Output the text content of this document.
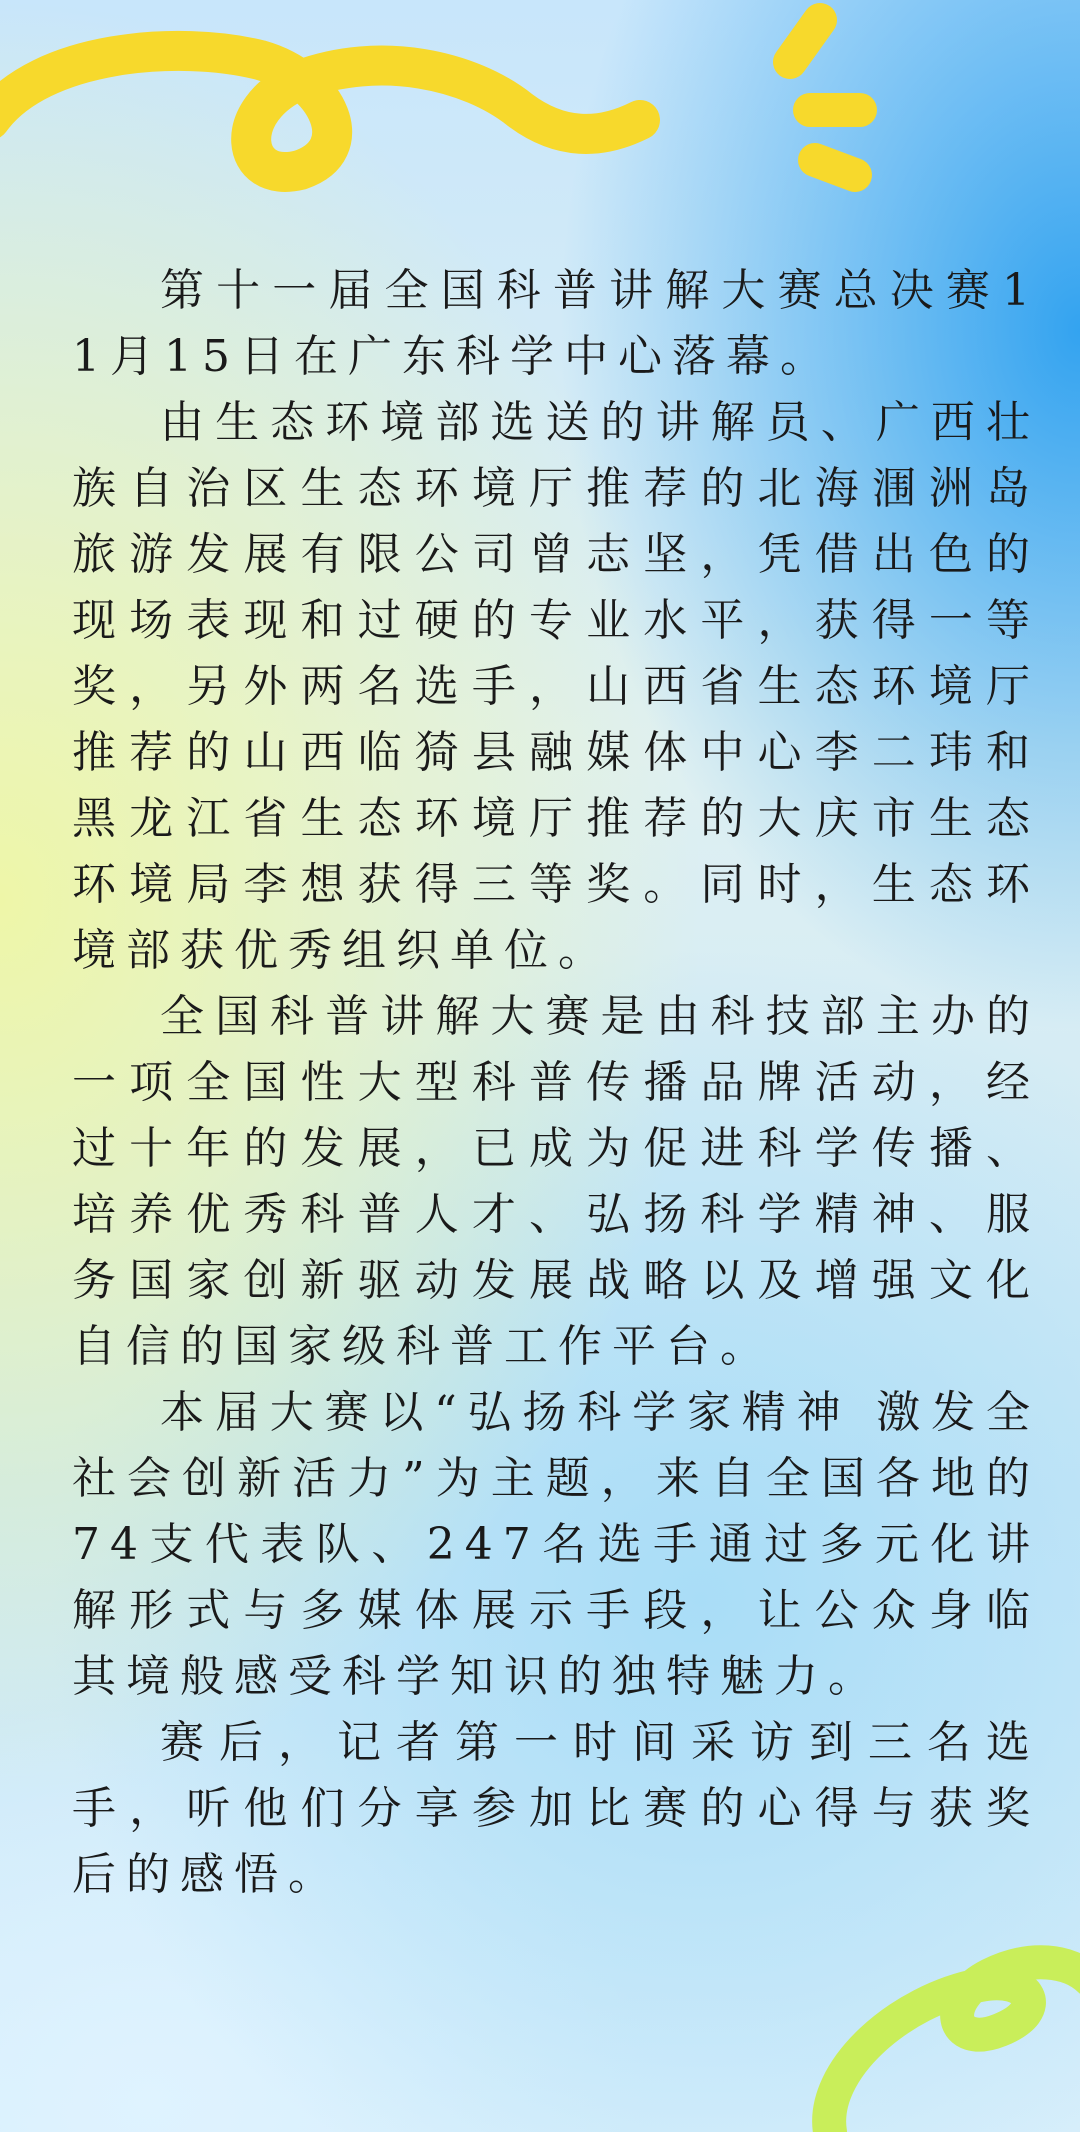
第十一届全国科普讲解大赛总决赛11月15日在广东科学中心落幕。

由生态环境部选送的讲解员、广西壮族自治区生态环境厅推荐的北海涠洲岛旅游发展有限公司曾志坚，凭借出色的现场表现和过硬的专业水平，获得一等奖，另外两名选手，山西省生态环境厅推荐的山西临猗县融媒体中心李二玮和黑龙江省生态环境厅推荐的大庆市生态环境局李想获得三等奖。同时，生态环境部获优秀组织单位。

全国科普讲解大赛是由科技部主办的一项全国性大型科普传播品牌活动，经过十年的发展，已成为促进科学传播、培养优秀科普人才、弘扬科学精神、服务国家创新驱动发展战略以及增强文化自信的国家级科普工作平台。

本届大赛以“弘扬科学家精神 激发全社会创新活力”为主题，来自全国各地的74支代表队、247名选手通过多元化讲解形式与多媒体展示手段，让公众身临其境般感受科学知识的独特魅力。

赛后，记者第一时间采访到三名选手，听他们分享参加比赛的心得与获奖后的感悟。
